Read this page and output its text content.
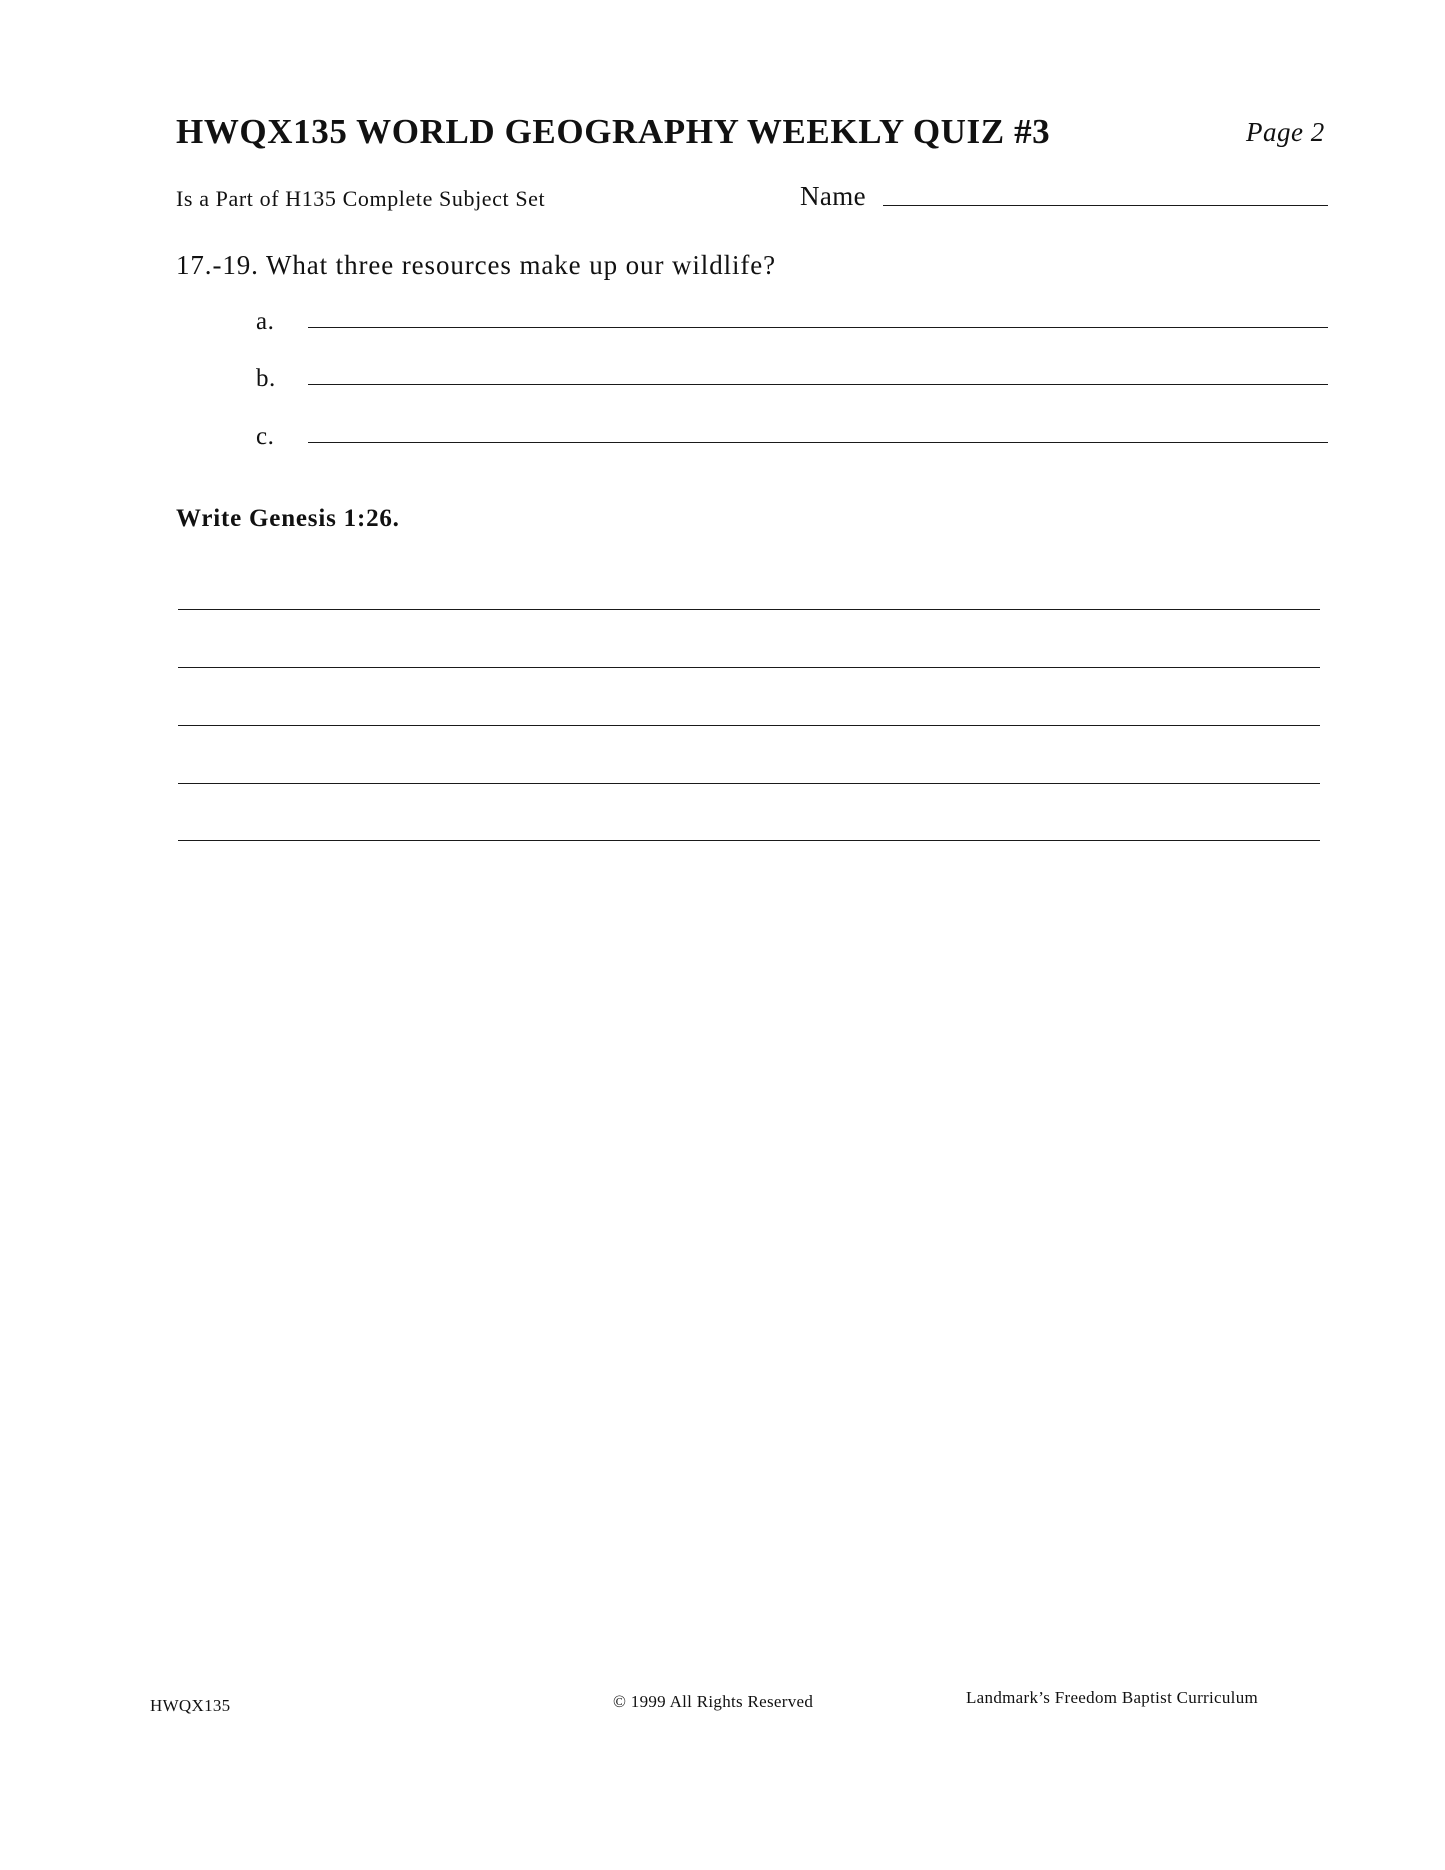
HWQX135 WORLD GEOGRAPHY WEEKLY QUIZ #3	Page 2
Is a Part of H135 Complete Subject Set	Name
17.-19. What three resources make up our wildlife?
a.
b.
c.
Write Genesis 1:26.
HWQX135	© 1999 All Rights Reserved	Landmark’s Freedom Baptist Curriculum
